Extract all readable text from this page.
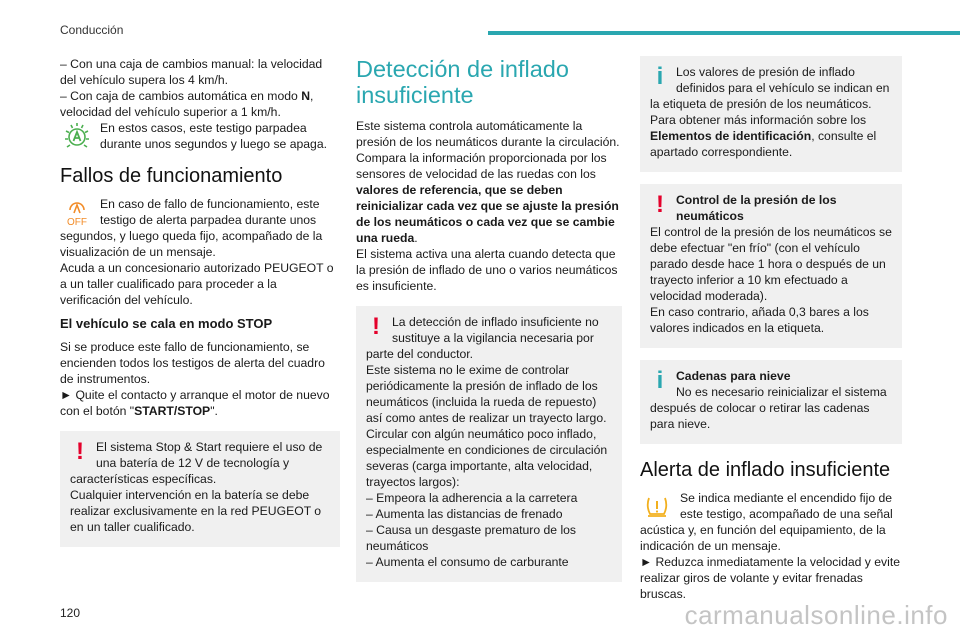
Conducción

– Con una caja de cambios manual: la velocidad del vehículo supera los 4 km/h.

– Con caja de cambios automática en modo N, velocidad del vehículo superior a 1 km/h.

En estos casos, este testigo parpadea durante unos segundos y luego se apaga.

Fallos de funcionamiento
OFF

En caso de fallo de funcionamiento, este testigo de alerta parpadea durante unos segundos, y luego queda fijo, acompañado de la visualización de un mensaje.

Acuda a un concesionario autorizado PEUGEOT o a un taller cualificado para proceder a la verificación del vehículo.

El vehículo se cala en modo STOP

Si se produce este fallo de funcionamiento, se encienden todos los testigos de alerta del cuadro de instrumentos.

► Quite el contacto y arranque el motor de nuevo con el botón "START/STOP".

! El sistema Stop & Start requiere el uso de una batería de 12 V de tecnología y características específicas.

Cualquier intervención en la batería se debe realizar exclusivamente en la red PEUGEOT o en un taller cualificado.

Detección de inflado insuficiente

Este sistema controla automáticamente la presión de los neumáticos durante la circulación.

Compara la información proporcionada por los sensores de velocidad de las ruedas con los valores de referencia, que se deben reinicializar cada vez que se ajuste la presión de los neumáticos o cada vez que se cambie una rueda.

El sistema activa una alerta cuando detecta que la presión de inflado de uno o varios neumáticos es insuficiente.

! La detección de inflado insuficiente no sustituye a la vigilancia necesaria por parte del conductor.

Este sistema no le exime de controlar periódicamente la presión de inflado de los neumáticos (incluida la rueda de repuesto) así como antes de realizar un trayecto largo.

Circular con algún neumático poco inflado, especialmente en condiciones de circulación severas (carga importante, alta velocidad, trayectos largos):

– Empeora la adherencia a la carretera

– Aumenta las distancias de frenado

– Causa un desgaste prematuro de los neumáticos

– Aumenta el consumo de carburante

i	Los valores de presión de inflado definidos para el vehículo se indican en la etiqueta de presión de los neumáticos.

Para obtener más información sobre los Elementos de identificación, consulte el apartado correspondiente.

! Control de la presión de los neumáticos

El control de la presión de los neumáticos se debe efectuar "en frío" (con el vehículo parado desde hace 1 hora o después de un trayecto inferior a 10 km efectuado a velocidad moderada).

En caso contrario, añada 0,3 bares a los valores indicados en la etiqueta.

i	Cadenas para nieve

No es necesario reinicializar el sistema después de colocar o retirar las cadenas para nieve.

Alerta de inflado insuficiente

Se indica mediante el encendido fijo de este testigo, acompañado de una señal acústica y, en función del equipamiento, de la indicación de un mensaje.

► Reduzca inmediatamente la velocidad y evite realizar giros de volante y evitar frenadas bruscas.

120	carmanualsonline.info
